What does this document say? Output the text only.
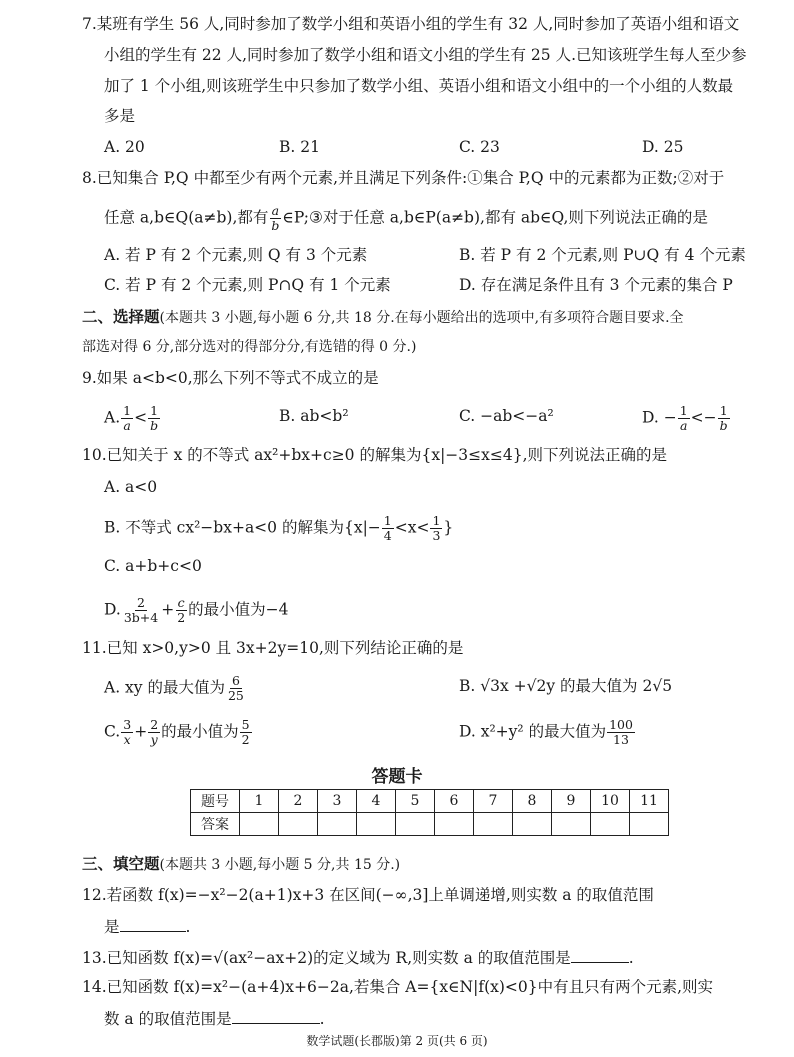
7.某班有学生 56 人,同时参加了数学小组和英语小组的学生有 32 人,同时参加了英语小组和语文
小组的学生有 22 人,同时参加了数学小组和语文小组的学生有 25 人.已知该班学生每人至少参
加了 1 个小组,则该班学生中只参加了数学小组、英语小组和语文小组中的一个小组的人数最
多是
A. 20	B. 21	C. 23	D. 25
8.已知集合 P,Q 中都至少有两个元素,并且满足下列条件:①集合 P,Q 中的元素都为正数;②对于
任意 a,b∈Q(a≠b),都有 $\frac{a}{b}$ ∈P;③对于任意 a,b∈P(a≠b),都有 ab∈Q,则下列说法正确的是
A. 若 P 有 2 个元素,则 Q 有 3 个元素	B. 若 P 有 2 个元素,则 P∪Q 有 4 个元素
C. 若 P 有 2 个元素,则 P∩Q 有 1 个元素	D. 存在满足条件且有 3 个元素的集合 P
二、选择题(本题共 3 小题,每小题 6 分,共 18 分.在每小题给出的选项中,有多项符合题目要求.全
部选对得 6 分,部分选对的得部分分,有选错的得 0 分.)
9.如果 a<b<0,那么下列不等式不成立的是
A. $\frac{1}{a} < \frac{1}{b}$	B. ab<b²	C. −ab<−a²	D. − $\frac{1}{a} <- \frac{1}{b}$
10.已知关于 x 的不等式 ax²+bx+c≥0 的解集为{x|−3≤x≤4},则下列说法正确的是
A. a<0
B. 不等式 cx²−bx+a<0 的解集为{$x|- \frac{1}{4} <x< \frac{1}{3}$ }
C. a+b+c<0
D. $\frac{2}{3b+4} + \frac{c}{2}$ 的最小值为−4
11.已知 x>0,y>0 且 3x+2y=10,则下列结论正确的是
A. xy 的最大值为 $\frac{6}{25}$	B. √3x +√2y 的最大值为 2√5
C. $\frac{3}{x} + \frac{2}{y}$ 的最小值为 $\frac{5}{2}$	D. x²+y² 的最大值为 $\frac{100}{13}$
答题卡
题号	1	2	3	4	5	6	7	8	9	10	11
答案											
三、填空题(本题共 3 小题,每小题 5 分,共 15 分.)
12.若函数 f(x)=−x²−2(a+1)x+3 在区间(−∞,3]上单调递增,则实数 a 的取值范围
是	.
13.已知函数 f(x)=√(ax²−ax+2)的定义域为 R,则实数 a 的取值范围是	.
14.已知函数 f(x)=x²−(a+4)x+6−2a,若集合 A={x∈N|f(x)<0}中有且只有两个元素,则实
数 a 的取值范围是	.
数学试题(长郡版)第 2 页(共 6 页)
